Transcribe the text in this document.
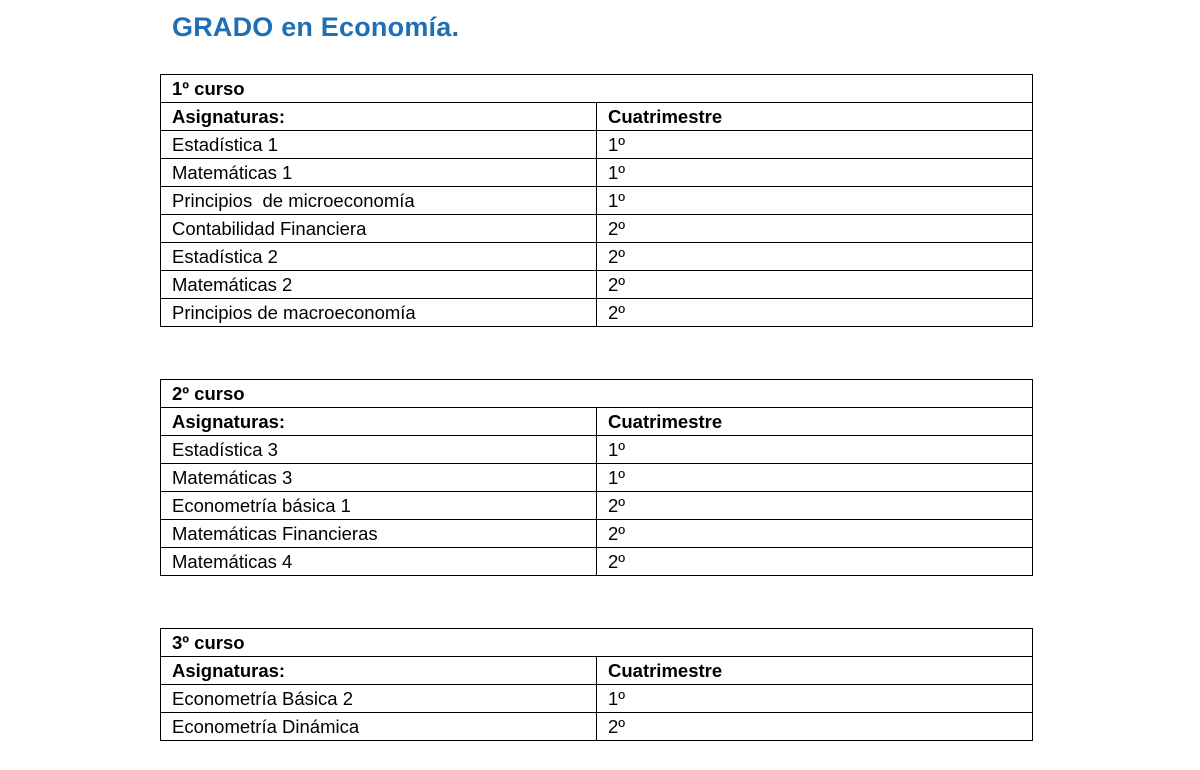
GRADO en Economía.
1º curso	
Asignaturas:	Cuatrimestre
Estadística 1	1º
Matemáticas 1	1º
Principios  de microeconomía	1º
Contabilidad Financiera	2º
Estadística 2	2º
Matemáticas 2	2º
Principios de macroeconomía	2º
2º curso	
Asignaturas:	Cuatrimestre
Estadística 3	1º
Matemáticas 3	1º
Econometría básica 1	2º
Matemáticas Financieras	2º
Matemáticas 4	2º
3º curso	
Asignaturas:	Cuatrimestre
Econometría Básica 2	1º
Econometría Dinámica	2º
